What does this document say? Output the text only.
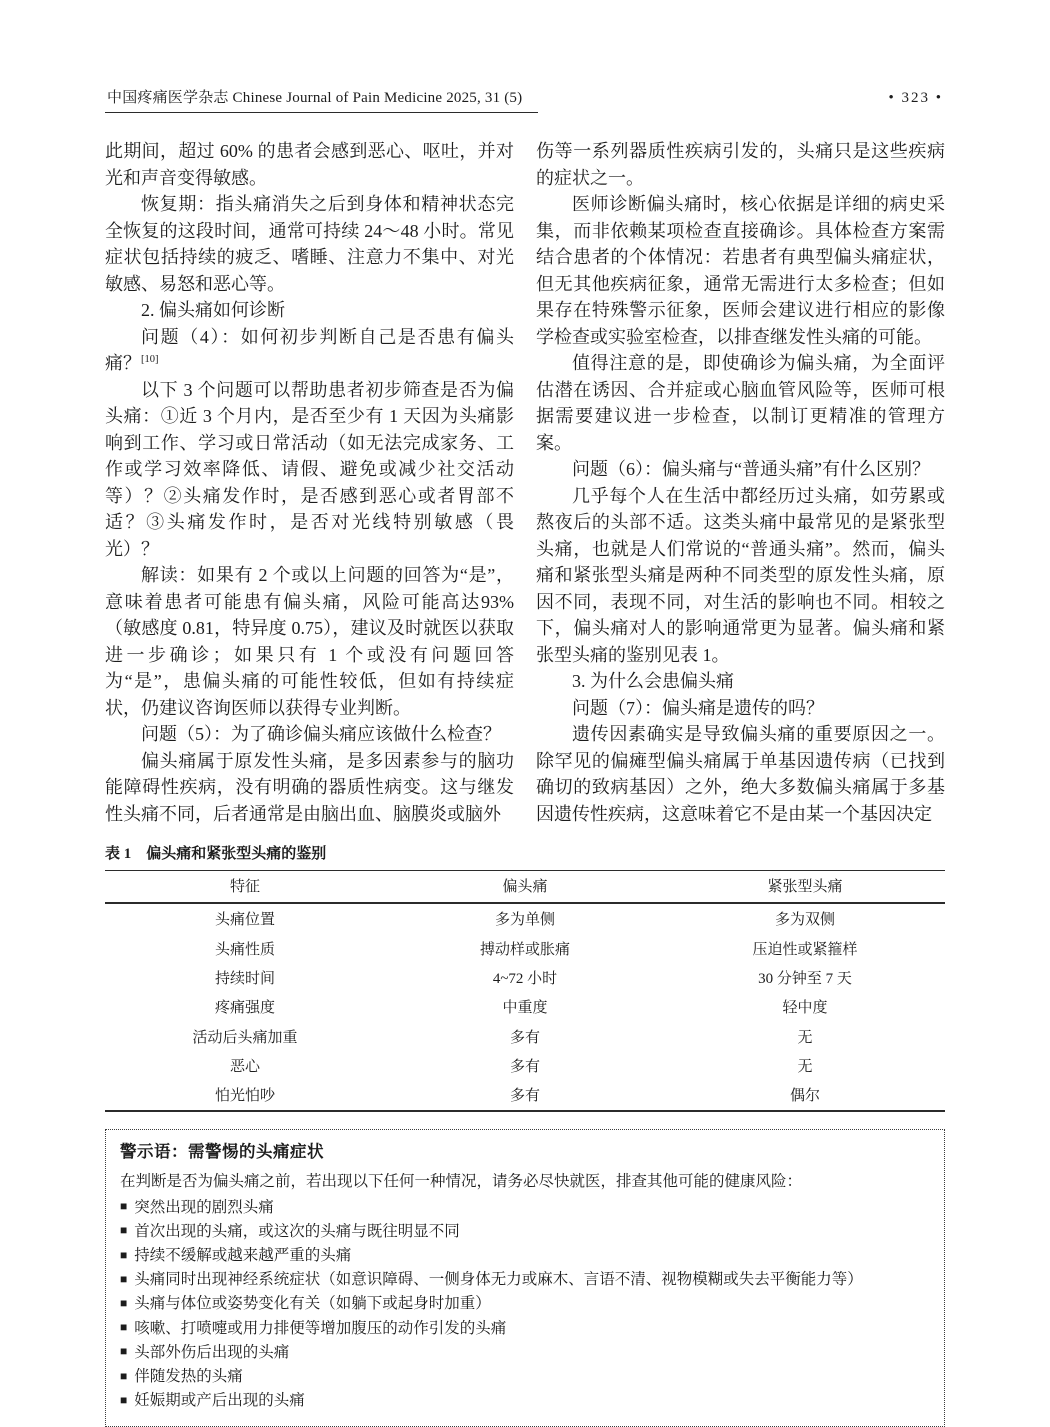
中国疼痛医学杂志 Chinese Journal of Pain Medicine 2025, 31 (5)	• 323 •

此期间，超过 60% 的患者会感到恶心、呕吐，并对光和声音变得敏感。

恢复期：指头痛消失之后到身体和精神状态完全恢复的这段时间，通常可持续 24～48 小时。常见症状包括持续的疲乏、嗜睡、注意力不集中、对光敏感、易怒和恶心等。

2. 偏头痛如何诊断

问题（4）：如何初步判断自己是否患有偏头痛？[10]

以下 3 个问题可以帮助患者初步筛查是否为偏头痛：①近 3 个月内，是否至少有 1 天因为头痛影响到工作、学习或日常活动（如无法完成家务、工作或学习效率降低、请假、避免或减少社交活动等）？②头痛发作时，是否感到恶心或者胃部不适？③头痛发作时，是否对光线特别敏感（畏光）？

解读：如果有 2 个或以上问题的回答为“是”，意味着患者可能患有偏头痛，风险可能高达93%（敏感度 0.81，特异度 0.75），建议及时就医以获取进一步确诊；如果只有 1 个或没有问题回答为“是”，患偏头痛的可能性较低，但如有持续症状，仍建议咨询医师以获得专业判断。

问题（5）：为了确诊偏头痛应该做什么检查？

偏头痛属于原发性头痛，是多因素参与的脑功能障碍性疾病，没有明确的器质性病变。这与继发性头痛不同，后者通常是由脑出血、脑膜炎或脑外

伤等一系列器质性疾病引发的，头痛只是这些疾病的症状之一。

医师诊断偏头痛时，核心依据是详细的病史采集，而非依赖某项检查直接确诊。具体检查方案需结合患者的个体情况：若患者有典型偏头痛症状，但无其他疾病征象，通常无需进行太多检查；但如果存在特殊警示征象，医师会建议进行相应的影像学检查或实验室检查，以排查继发性头痛的可能。

值得注意的是，即使确诊为偏头痛，为全面评估潜在诱因、合并症或心脑血管风险等，医师可根据需要建议进一步检查，以制订更精准的管理方案。

问题（6）：偏头痛与“普通头痛”有什么区别？

几乎每个人在生活中都经历过头痛，如劳累或熬夜后的头部不适。这类头痛中最常见的是紧张型头痛，也就是人们常说的“普通头痛”。然而，偏头痛和紧张型头痛是两种不同类型的原发性头痛，原因不同，表现不同，对生活的影响也不同。相较之下，偏头痛对人的影响通常更为显著。偏头痛和紧张型头痛的鉴别见表 1。

3. 为什么会患偏头痛

问题（7）：偏头痛是遗传的吗？

遗传因素确实是导致偏头痛的重要原因之一。除罕见的偏瘫型偏头痛属于单基因遗传病（已找到确切的致病基因）之外，绝大多数偏头痛属于多基因遗传性疾病，这意味着它不是由某一个基因决定

表 1 偏头痛和紧张型头痛的鉴别
特征	偏头痛	紧张型头痛
头痛位置	多为单侧	多为双侧
头痛性质	搏动样或胀痛	压迫性或紧箍样
持续时间	4~72 小时	30 分钟至 7 天
疼痛强度	中重度	轻中度
活动后头痛加重	多有	无
恶心	多有	无
怕光怕吵	多有	偶尔
警示语：需警惕的头痛症状

在判断是否为偏头痛之前，若出现以下任何一种情况，请务必尽快就医，排查其他可能的健康风险：

■ 突然出现的剧烈头痛
■ 首次出现的头痛，或这次的头痛与既往明显不同
■ 持续不缓解或越来越严重的头痛
■ 头痛同时出现神经系统症状（如意识障碍、一侧身体无力或麻木、言语不清、视物模糊或失去平衡能力等）
■ 头痛与体位或姿势变化有关（如躺下或起身时加重）
■ 咳嗽、打喷嚏或用力排便等增加腹压的动作引发的头痛
■ 头部外伤后出现的头痛
■ 伴随发热的头痛
■ 妊娠期或产后出现的头痛
